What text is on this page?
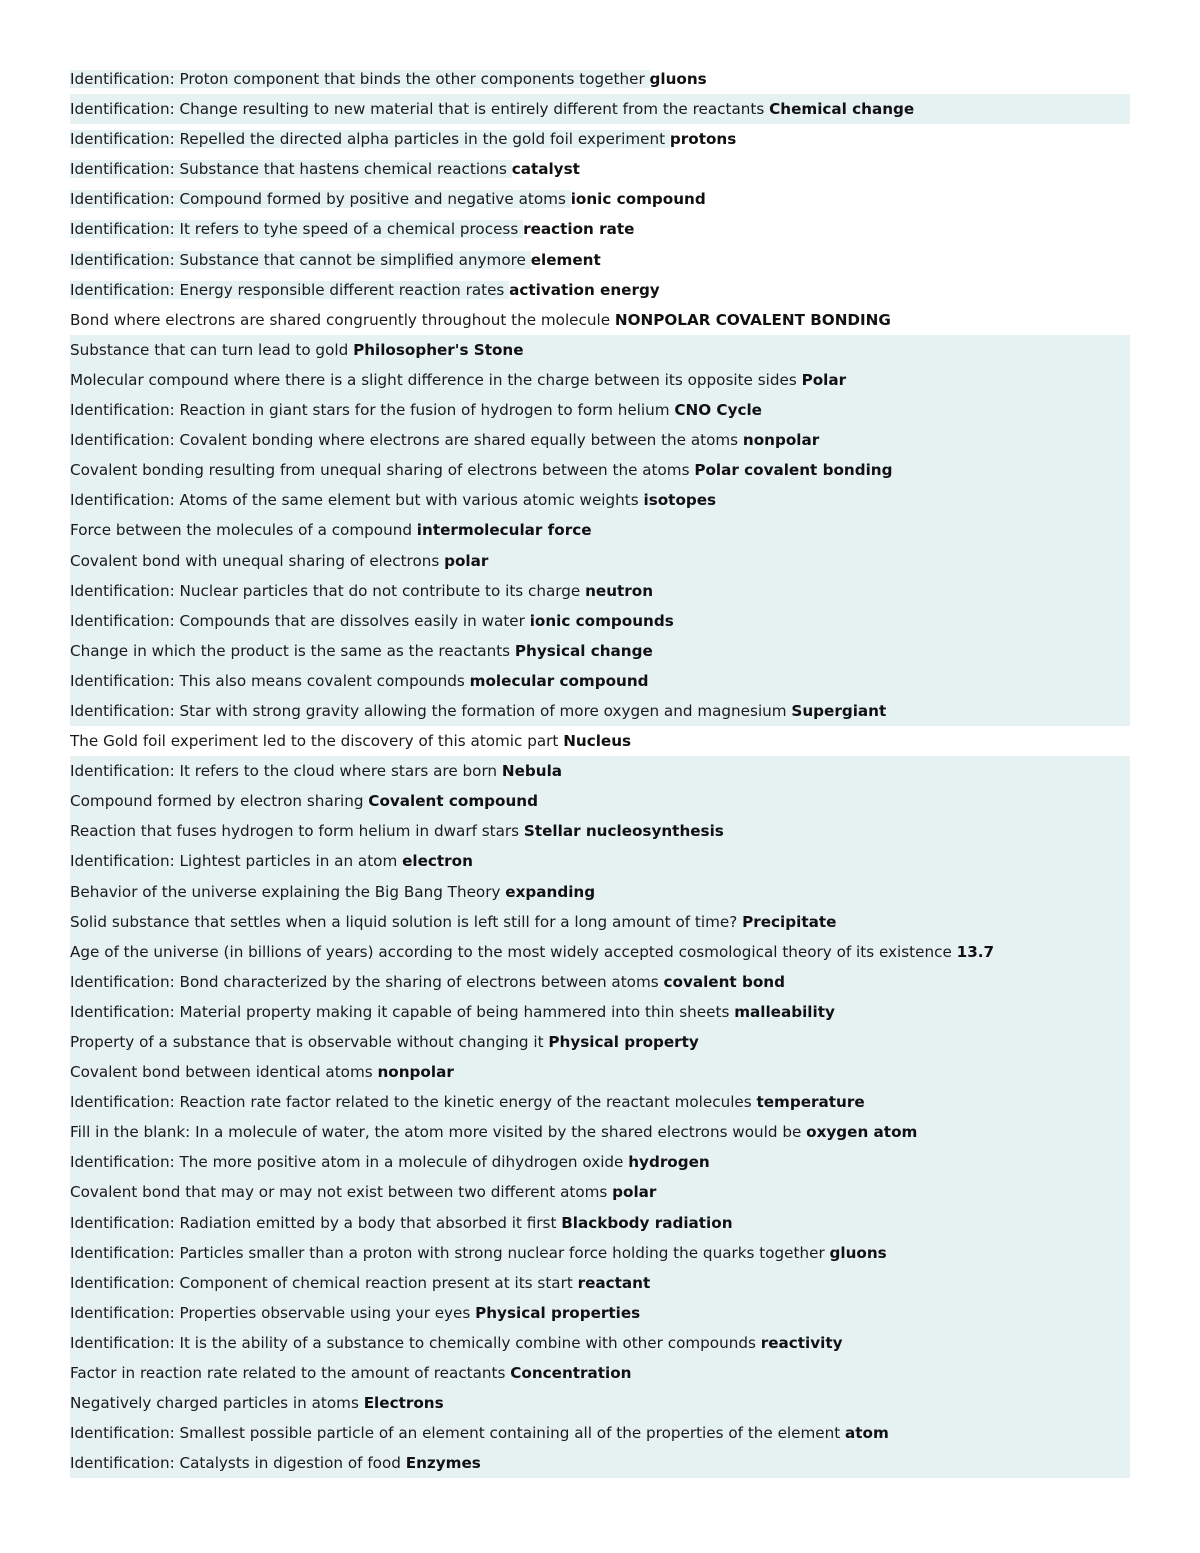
Identification: Proton component that binds the other components together gluons
Identification: Change resulting to new material that is entirely different from the reactants Chemical change
Identification: Repelled the directed alpha particles in the gold foil experiment protons
Identification: Substance that hastens chemical reactions catalyst
Identification: Compound formed by positive and negative atoms ionic compound
Identification: It refers to tyhe speed of a chemical process reaction rate
Identification: Substance that cannot be simplified anymore element
Identification: Energy responsible different reaction rates activation energy
Bond where electrons are shared congruently throughout the molecule NONPOLAR COVALENT BONDING
Substance that can turn lead to gold Philosopher's Stone
Molecular compound where there is a slight difference in the charge between its opposite sides Polar
Identification: Reaction in giant stars for the fusion of hydrogen to form helium CNO Cycle
Identification: Covalent bonding where electrons are shared equally between the atoms nonpolar
Covalent bonding resulting from unequal sharing of electrons between the atoms Polar covalent bonding
Identification: Atoms of the same element but with various atomic weights isotopes
Force between the molecules of a compound intermolecular force
Covalent bond with unequal sharing of electrons polar
Identification: Nuclear particles that do not contribute to its charge neutron
Identification: Compounds that are dissolves easily in water ionic compounds
Change in which the product is the same as the reactants Physical change
Identification: This also means covalent compounds molecular compound
Identification: Star with strong gravity allowing the formation of more oxygen and magnesium Supergiant
The Gold foil experiment led to the discovery of this atomic part Nucleus
Identification: It refers to the cloud where stars are born Nebula
Compound formed by electron sharing Covalent compound
Reaction that fuses hydrogen to form helium in dwarf stars Stellar nucleosynthesis
Identification: Lightest particles in an atom electron
Behavior of the universe explaining the Big Bang Theory expanding
Solid substance that settles when a liquid solution is left still for a long amount of time? Precipitate
Age of the universe (in billions of years) according to the most widely accepted cosmological theory of its existence 13.7
Identification: Bond characterized by the sharing of electrons between atoms covalent bond
Identification: Material property making it capable of being hammered into thin sheets malleability
Property of a substance that is observable without changing it Physical property
Covalent bond between identical atoms nonpolar
Identification: Reaction rate factor related to the kinetic energy of the reactant molecules temperature
Fill in the blank: In a molecule of water, the atom more visited by the shared electrons would be oxygen atom
Identification: The more positive atom in a molecule of dihydrogen oxide hydrogen
Covalent bond that may or may not exist between two different atoms polar
Identification: Radiation emitted by a body that absorbed it first Blackbody radiation
Identification: Particles smaller than a proton with strong nuclear force holding the quarks together gluons
Identification: Component of chemical reaction present at its start reactant
Identification: Properties observable using your eyes Physical properties
Identification: It is the ability of a substance to chemically combine with other compounds reactivity
Factor in reaction rate related to the amount of reactants Concentration
Negatively charged particles in atoms Electrons
Identification: Smallest possible particle of an element containing all of the properties of the element atom
Identification: Catalysts in digestion of food Enzymes
